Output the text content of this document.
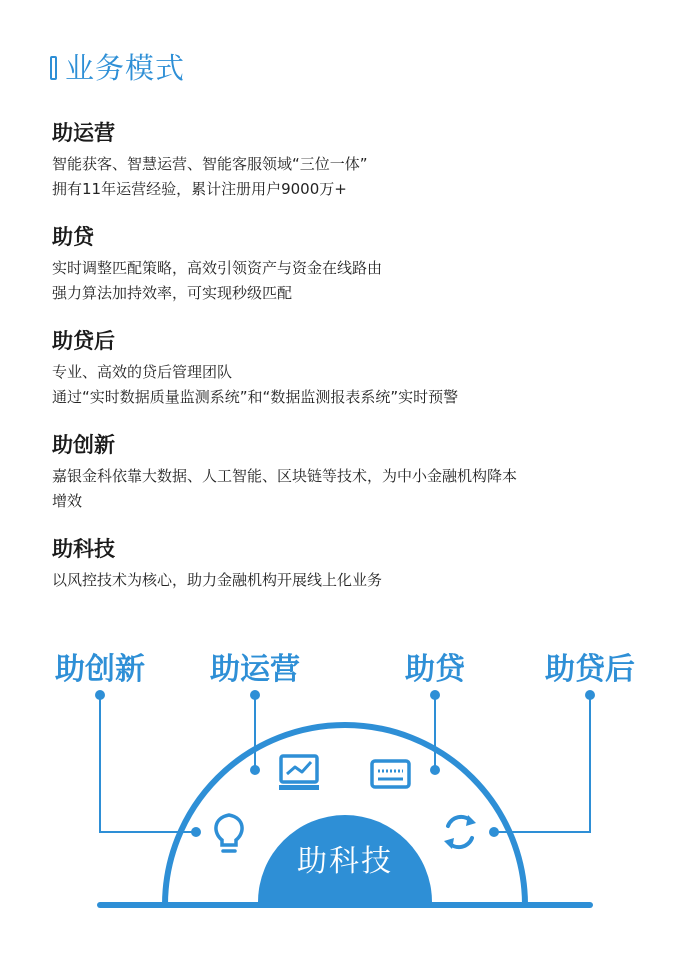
业务模式
助运营

智能获客、智慧运营、智能客服领域“三位一体”

拥有11年运营经验，累计注册用户9000万+

助贷

实时调整匹配策略，高效引领资产与资金在线路由

强力算法加持效率，可实现秒级匹配

助贷后

专业、高效的贷后管理团队

通过“实时数据质量监测系统”和“数据监测报表系统”实时预警

助创新

嘉银金科依靠大数据、人工智能、区块链等技术，为中小金融机构降本

增效

助科技

以风控技术为核心，助力金融机构开展线上化业务

助科技
助创新 助运营	助贷	助贷后
